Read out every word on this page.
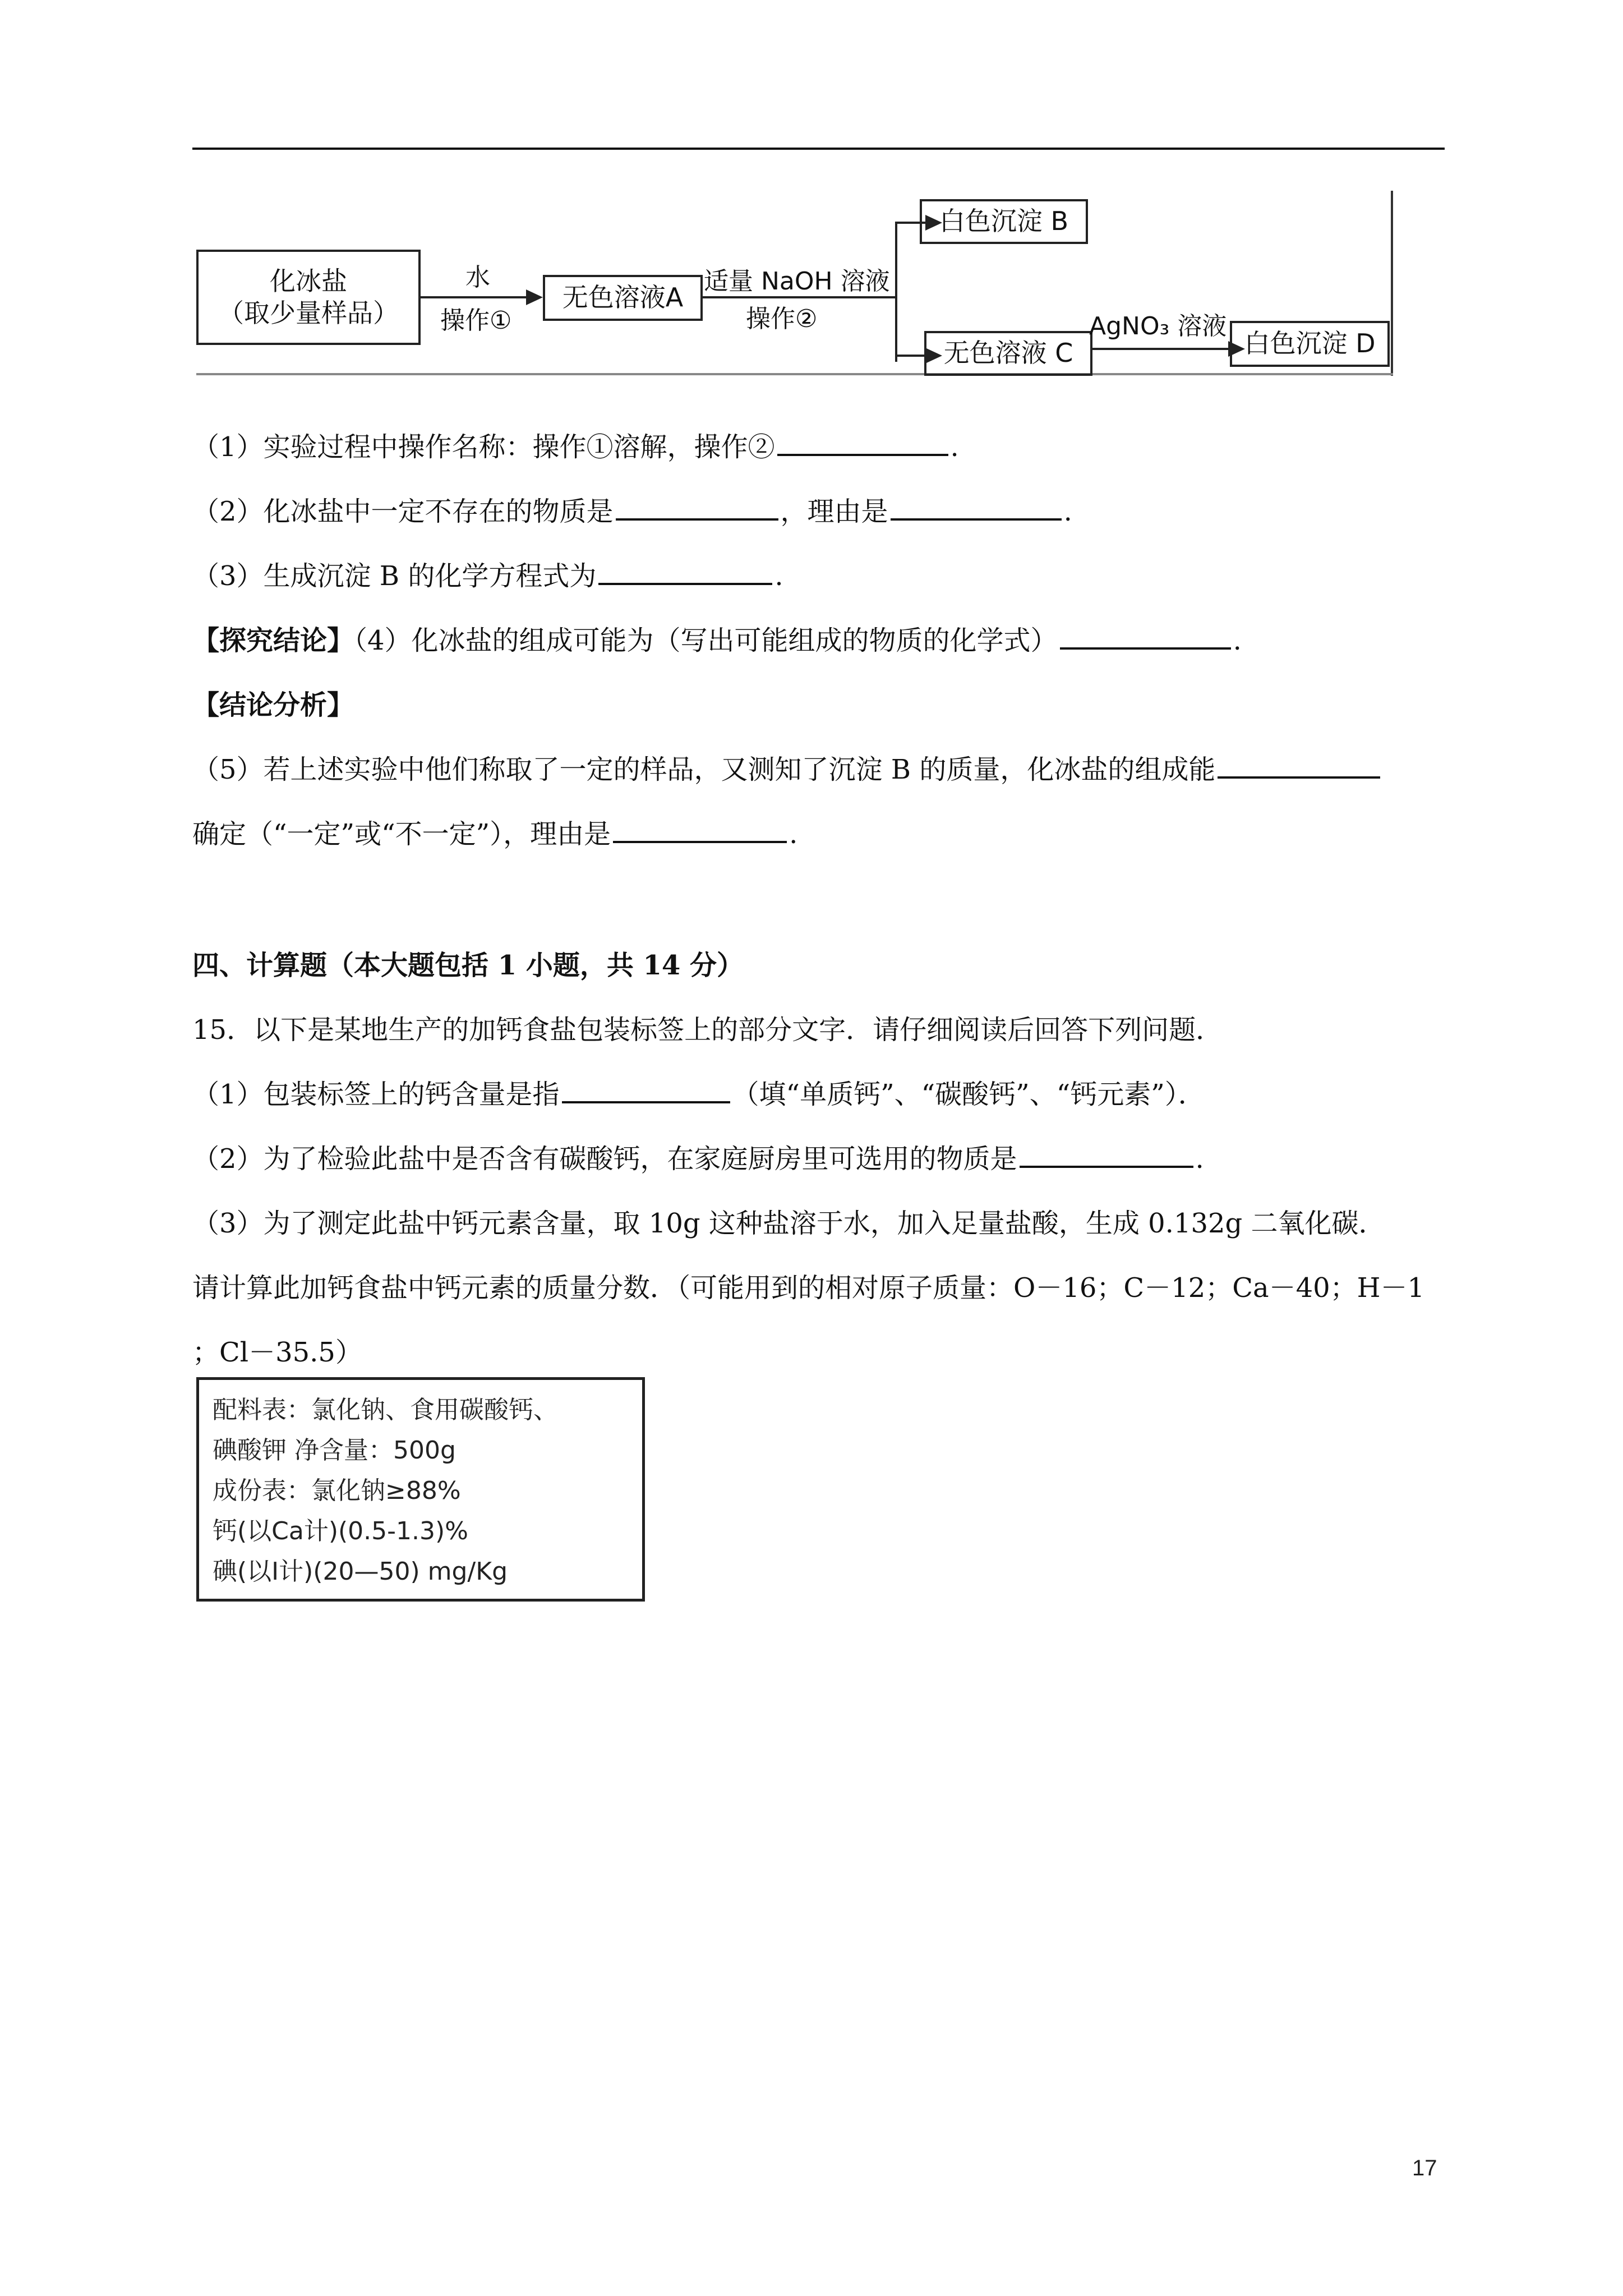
化冰盐
（取少量样品）
水
操作①
无色溶液A
适量 NaOH 溶液
操作②
白色沉淀 B
无色溶液 C
AgNO₃ 溶液
白色沉淀 D
（1）实验过程中操作名称：操作①溶解，操作②	.
（2）化冰盐中一定不存在的物质是	，理由是	.
（3）生成沉淀 B 的化学方程式为	.
【探究结论】（4）化冰盐的组成可能为（写出可能组成的物质的化学式）	.
【结论分析】
（5）若上述实验中他们称取了一定的样品，又测知了沉淀 B 的质量，化冰盐的组成能
确定（“一定”或“不一定”），理由是	.
四、计算题（本大题包括 1 小题，共 14 分）
15．以下是某地生产的加钙食盐包装标签上的部分文字．请仔细阅读后回答下列问题．
（1）包装标签上的钙含量是指	（填“单质钙”、“碳酸钙”、“钙元素”）．
（2）为了检验此盐中是否含有碳酸钙，在家庭厨房里可选用的物质是	.
（3）为了测定此盐中钙元素含量，取 10g 这种盐溶于水，加入足量盐酸，生成 0.132g 二氧化碳．
请计算此加钙食盐中钙元素的质量分数．（可能用到的相对原子质量：O－16；C－12；Ca－40；H－1
；Cl－35.5）
配料表：氯化钠、食用碳酸钙、
碘酸钾 净含量：500g
成份表：氯化钠≥88%
钙(以Ca计)(0.5-1.3)%
碘(以I计)(20—50) mg/Kg
17
